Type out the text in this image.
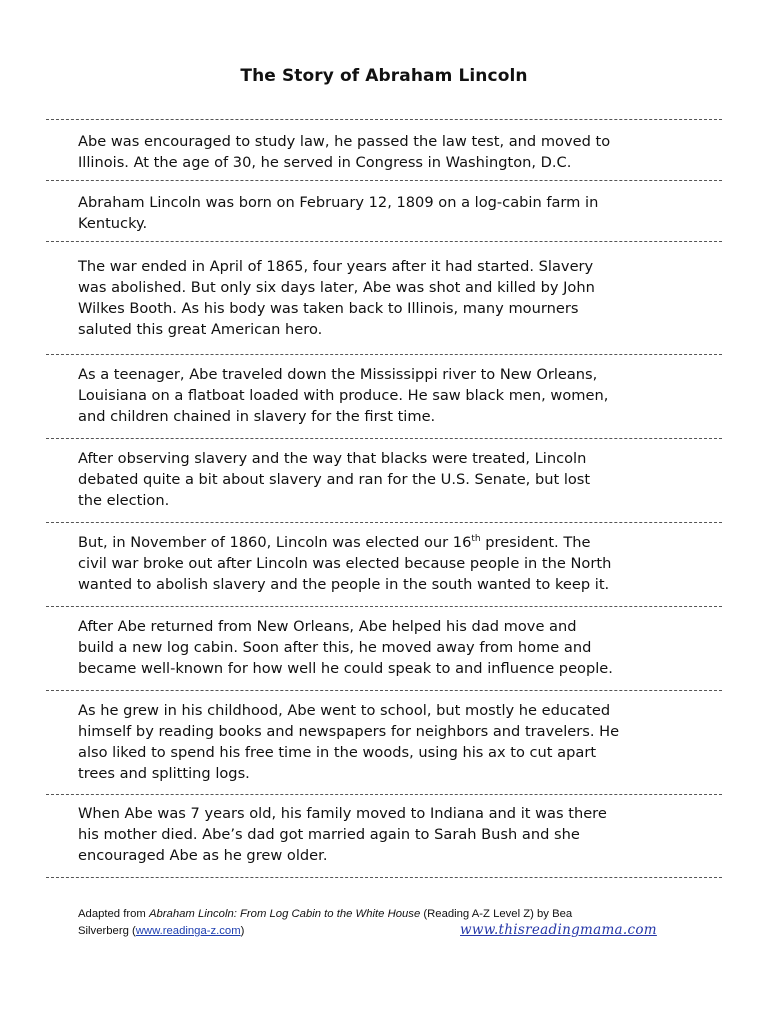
The Story of Abraham Lincoln

Abe was encouraged to study law, he passed the law test, and moved to
Illinois. At the age of 30, he served in Congress in Washington, D.C.

Abraham Lincoln was born on February 12, 1809 on a log-cabin farm in
Kentucky.

The war ended in April of 1865, four years after it had started. Slavery
was abolished. But only six days later, Abe was shot and killed by John
Wilkes Booth. As his body was taken back to Illinois, many mourners
saluted this great American hero.

As a teenager, Abe traveled down the Mississippi river to New Orleans,
Louisiana on a flatboat loaded with produce. He saw black men, women,
and children chained in slavery for the first time.

After observing slavery and the way that blacks were treated, Lincoln
debated quite a bit about slavery and ran for the U.S. Senate, but lost
the election.

But, in November of 1860, Lincoln was elected our 16th president. The
civil war broke out after Lincoln was elected because people in the North
wanted to abolish slavery and the people in the south wanted to keep it.

After Abe returned from New Orleans, Abe helped his dad move and
build a new log cabin. Soon after this, he moved away from home and
became well-known for how well he could speak to and influence people.

As he grew in his childhood, Abe went to school, but mostly he educated
himself by reading books and newspapers for neighbors and travelers. He
also liked to spend his free time in the woods, using his ax to cut apart
trees and splitting logs.

When Abe was 7 years old, his family moved to Indiana and it was there
his mother died. Abe’s dad got married again to Sarah Bush and she
encouraged Abe as he grew older.

Adapted from Abraham Lincoln: From Log Cabin to the White House (Reading A-Z Level Z) by Bea
Silverberg (www.readinga-z.com)	www.thisreadingmama.com
